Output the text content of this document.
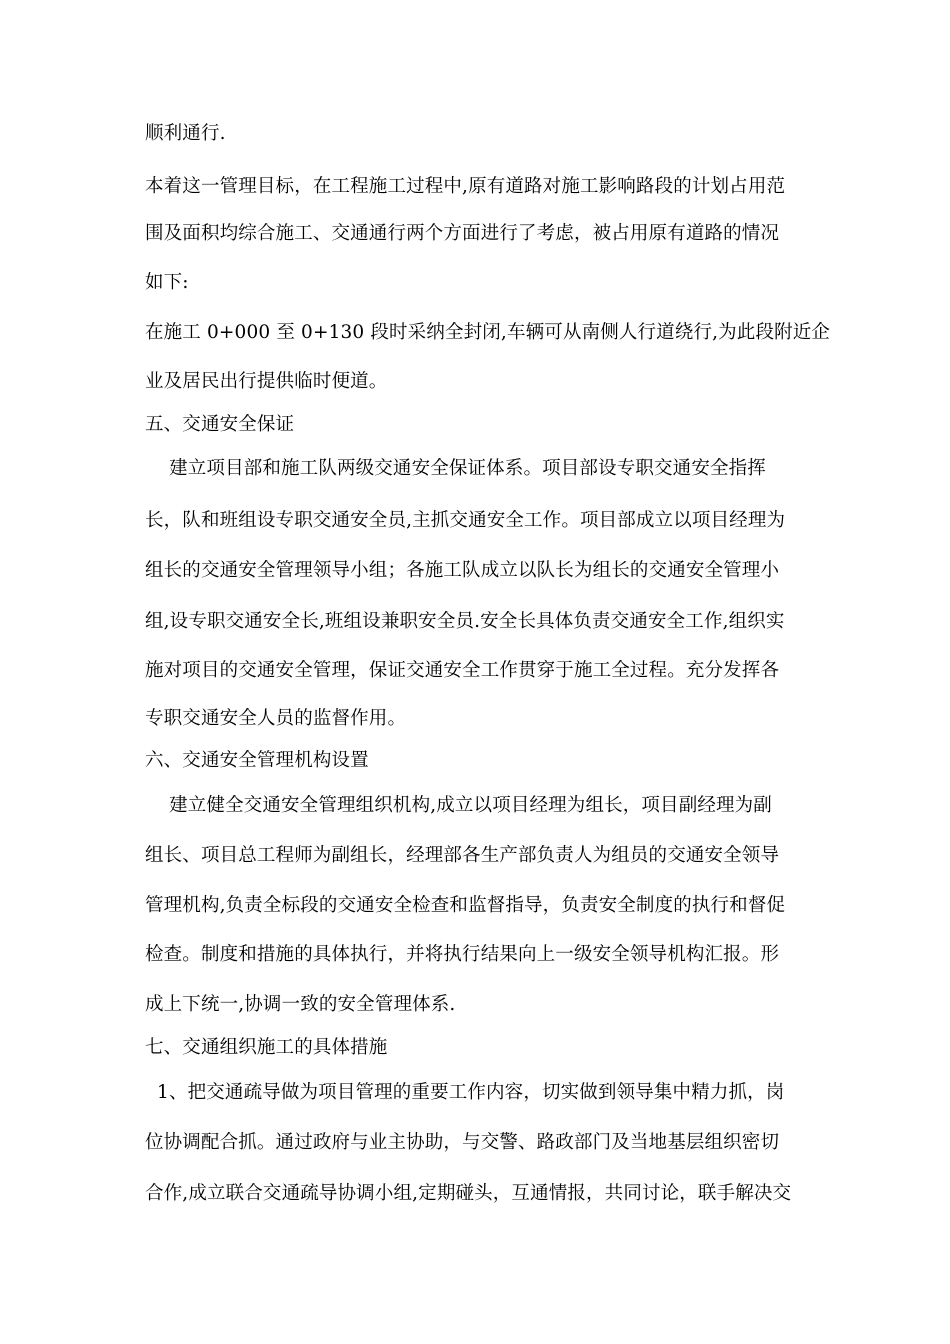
顺利通行.
本着这一管理目标，在工程施工过程中,原有道路对施工影响路段的计划占用范
围及面积均综合施工、交通通行两个方面进行了考虑，被占用原有道路的情况
如下:
在施工 0+000 至 0+130 段时采纳全封闭,车辆可从南侧人行道绕行,为此段附近企
业及居民出行提供临时便道。
五、交通安全保证
建立项目部和施工队两级交通安全保证体系。项目部设专职交通安全指挥
长，队和班组设专职交通安全员,主抓交通安全工作。项目部成立以项目经理为
组长的交通安全管理领导小组；各施工队成立以队长为组长的交通安全管理小
组,设专职交通安全长,班组设兼职安全员.安全长具体负责交通安全工作,组织实
施对项目的交通安全管理，保证交通安全工作贯穿于施工全过程。充分发挥各
专职交通安全人员的监督作用。
六、交通安全管理机构设置
建立健全交通安全管理组织机构,成立以项目经理为组长，项目副经理为副
组长、项目总工程师为副组长，经理部各生产部负责人为组员的交通安全领导
管理机构,负责全标段的交通安全检查和监督指导，负责安全制度的执行和督促
检查。制度和措施的具体执行，并将执行结果向上一级安全领导机构汇报。形
成上下统一,协调一致的安全管理体系.
七、交通组织施工的具体措施
1、把交通疏导做为项目管理的重要工作内容，切实做到领导集中精力抓，岗
位协调配合抓。通过政府与业主协助，与交警、路政部门及当地基层组织密切
合作,成立联合交通疏导协调小组,定期碰头，互通情报，共同讨论，联手解决交
